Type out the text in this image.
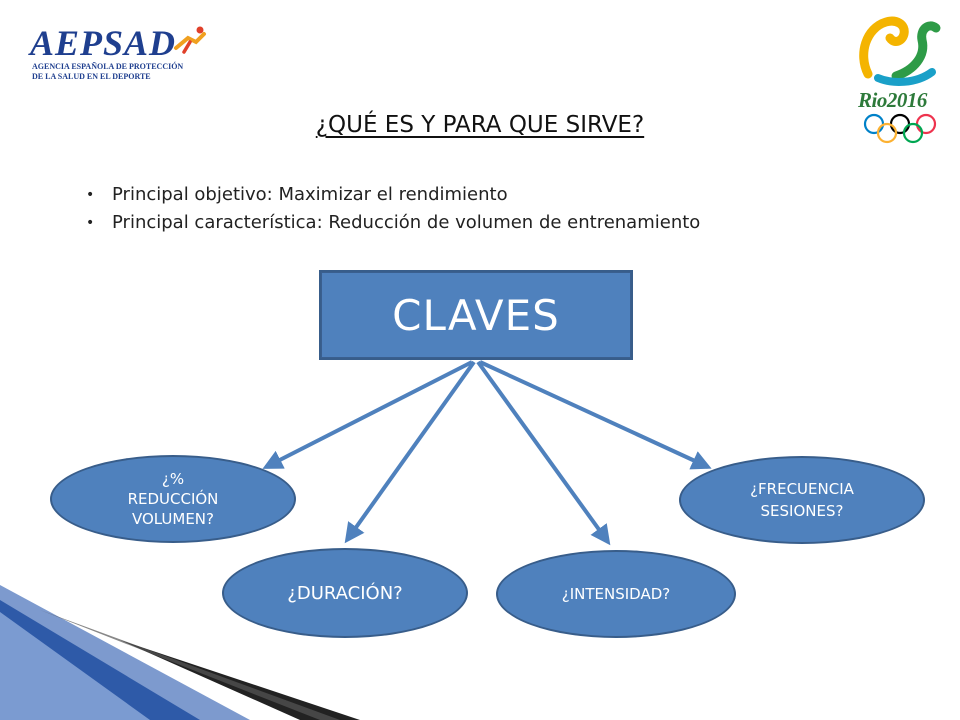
AEPSAD
AGENCIA ESPAÑOLA DE PROTECCIÓN
DE LA SALUD EN EL DEPORTE
Rio2016
¿QUÉ ES Y PARA QUE SIRVE?
• Principal objetivo: Maximizar el rendimiento
• Principal característica: Reducción de volumen de entrenamiento
CLAVES
¿%
REDUCCIÓN
VOLUMEN?
¿FRECUENCIA
SESIONES?
¿DURACIÓN?	¿INTENSIDAD?
